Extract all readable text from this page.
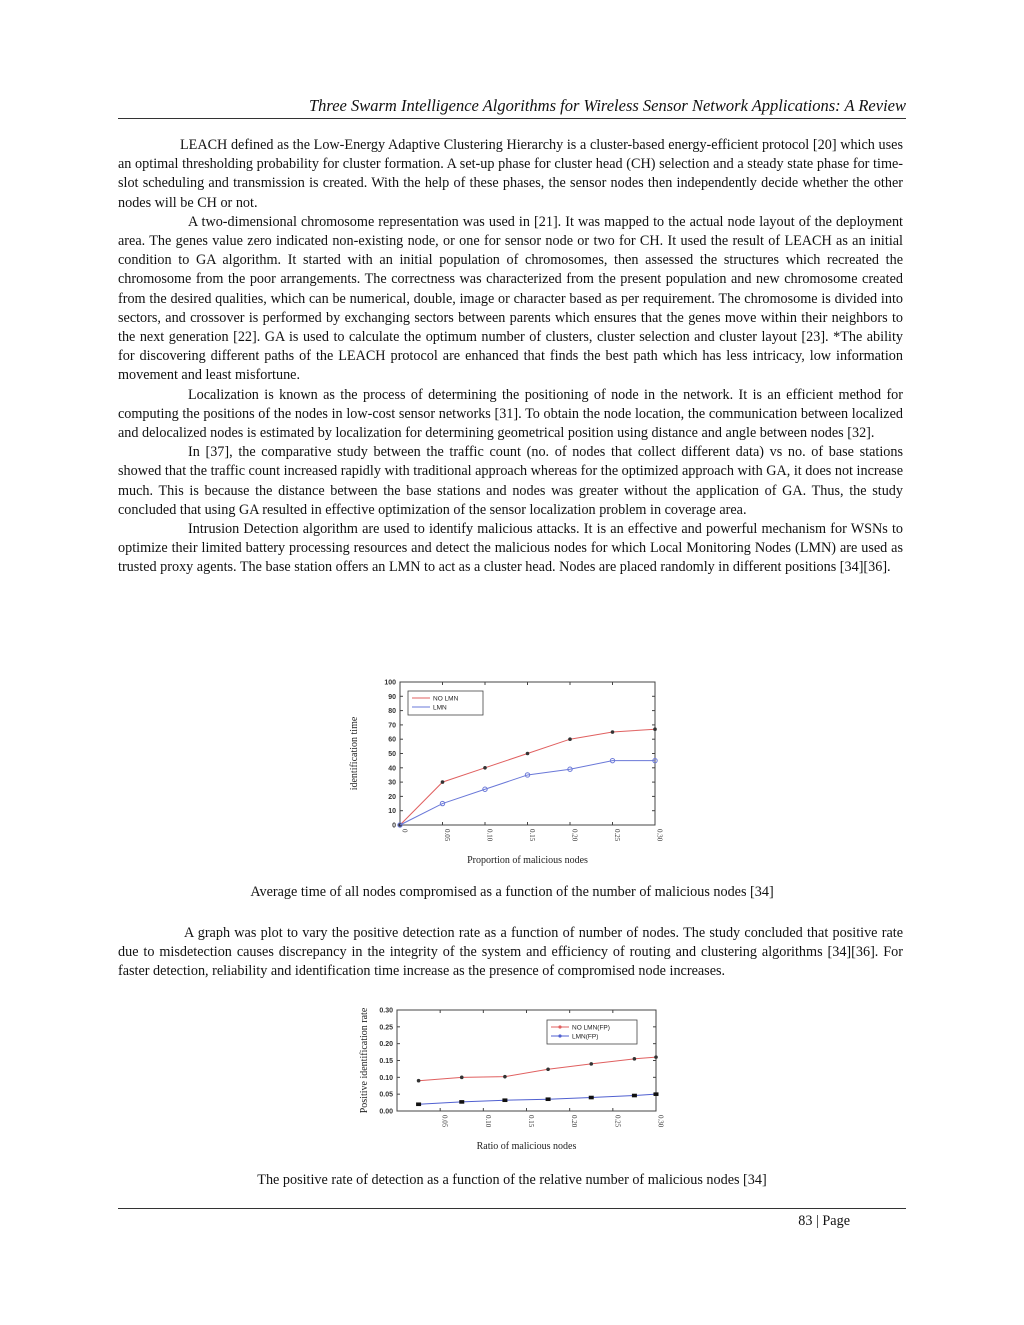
Three Swarm Intelligence Algorithms for Wireless Sensor Network Applications: A Review

LEACH defined as the Low-Energy Adaptive Clustering Hierarchy is a cluster-based energy-efficient protocol [20] which uses an optimal thresholding probability for cluster formation. A set-up phase for cluster head (CH) selection and a steady state phase for time-slot scheduling and transmission is created. With the help of these phases, the sensor nodes then independently decide whether the other nodes will be CH or not.

A two-dimensional chromosome representation was used in [21]. It was mapped to the actual node layout of the deployment area. The genes value zero indicated non-existing node, or one for sensor node or two for CH. It used the result of LEACH as an initial condition to GA algorithm. It started with an initial population of chromosomes, then assessed the structures which recreated the chromosome from the poor arrangements. The correctness was characterized from the present population and new chromosome created from the desired qualities, which can be numerical, double, image or character based as per requirement. The chromosome is divided into sectors, and crossover is performed by exchanging sectors between parents which ensures that the genes move within their neighbors to the next generation [22]. GA is used to calculate the optimum number of clusters, cluster selection and cluster layout [23]. *The ability for discovering different paths of the LEACH protocol are enhanced that finds the best path which has less intricacy, low information movement and least misfortune.

Localization is known as the process of determining the positioning of node in the network. It is an efficient method for computing the positions of the nodes in low-cost sensor networks [31]. To obtain the node location, the communication between localized and delocalized nodes is estimated by localization for determining geometrical position using distance and angle between nodes [32].

In [37], the comparative study between the traffic count (no. of nodes that collect different data) vs no. of base stations showed that the traffic count increased rapidly with traditional approach whereas for the optimized approach with GA, it does not increase much. This is because the distance between the base stations and nodes was greater without the application of GA. Thus, the study concluded that using GA resulted in effective optimization of the sensor localization problem in coverage area.

Intrusion Detection algorithm are used to identify malicious attacks. It is an effective and powerful mechanism for WSNs to optimize their limited battery processing resources and detect the malicious nodes for which Local Monitoring Nodes (LMN) are used as trusted proxy agents. The base station offers an LMN to act as a cluster head. Nodes are placed randomly in different positions [34][36].

0
10
20
30
40
50
60
70
80
90
100
0	0.05	0.10	0.15	0.20	0.25	0.30
Proportion of malicious nodes
identification time
NO LMN
LMN
Average time of all nodes compromised as a function of the number of malicious nodes [34]

A graph was plot to vary the positive detection rate as a function of number of nodes. The study concluded that positive rate due to misdetection causes discrepancy in the integrity of the system and efficiency of routing and clustering algorithms [34][36]. For faster detection, reliability and identification time increase as the presence of compromised node increases.

0.00
0.05
0.10
0.15
0.20
0.25
0.30
0.05	0.10	0.15	0.20	0.25	0.30
Ratio of malicious nodes
Positive identification rate	NO LMN(FP)
LMN(FP)
The positive rate of detection as a function of the relative number of malicious nodes [34]
83 | Page
